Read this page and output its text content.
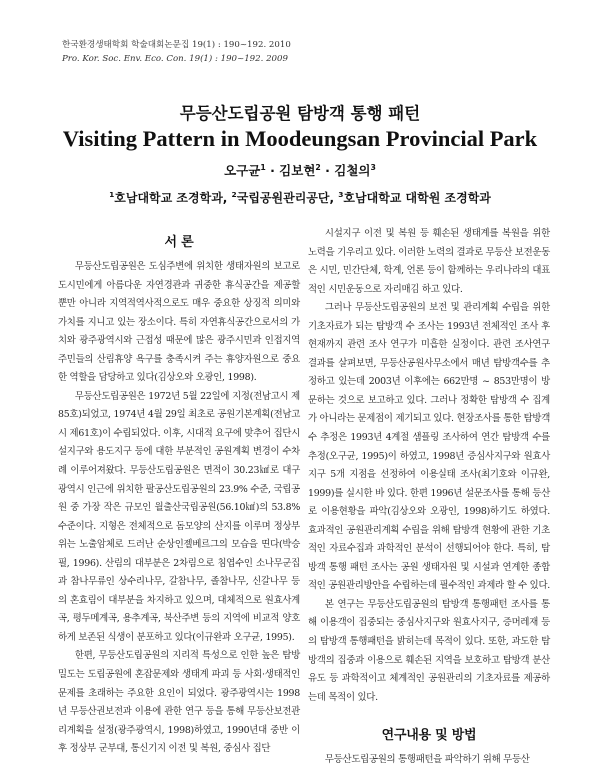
한국환경생태학회 학술대회논문집 19(1) : 190~192. 2010
Pro. Kor. Soc. Env. Eco. Con. 19(1) : 190~192. 2009
무등산도립공원 탐방객 통행 패턴
Visiting Pattern in Moodeungsan Provincial Park
오구균$^1$ · 김보현$^2$ · 김철의$^3$
$^1$호남대학교 조경학과, $^2$국립공원관리공단, $^3$호남대학교 대학원 조경학과
서 론

무등산도립공원은 도심주변에 위치한 생태자원의 보고로 도시민에게 아름다운 자연경관과 귀중한 휴식공간을 제공할 뿐만 아니라 지역적역사적으로도 매우 중요한 상징적 의미와 가치를 지니고 있는 장소이다. 특히 자연휴식공간으로서의 가치와 광주광역시와 근접성 때문에 많은 광주시민과 인접지역 주민들의 산림휴양 욕구를 충족시켜 주는 휴양자원으로 중요한 역할을 담당하고 있다(김상오와 오광인, 1998).

무등산도립공원은 1972년 5월 22일에 지정(전남고시 제85호)되었고, 1974년 4월 29일 최초로 공원기본계획(전남고시 제61호)이 수립되었다. 이후, 시대적 요구에 맞추어 집단시설지구와 용도지구 등에 대한 부분적인 공원계획 변경이 수차례 이루어져왔다. 무등산도립공원은 면적이 30.23㎢로 대구광역시 인근에 위치한 팔공산도립공원의 23.9% 수준, 국립공원 중 가장 작은 규모인 월출산국립공원(56.10㎢)의 53.8% 수준이다. 지형은 전체적으로 돔모양의 산지를 이루며 정상부위는 노출암체로 드러난 순상인젤베르그의 모습을 띤다(박승필, 1996). 산림의 대부분은 2차림으로 침엽수인 소나무군집과 참나무류인 상수리나무, 갈참나무, 졸참나무, 신갈나무 등의 혼효림이 대부분을 차지하고 있으며, 대체적으로 원효사계곡, 평두메계곡, 용추계곡, 북산주변 등의 지역에 비교적 양호하게 보존된 식생이 분포하고 있다(이규완과 오구균, 1995).

한편, 무등산도립공원의 지리적 특성으로 인한 높은 탐방밀도는 도립공원에 혼잡문제와 생태계 파괴 등 사회·생태적인 문제를 초래하는 주요한 요인이 되었다. 광주광역시는 1998년 무등산권보전과 이용에 관한 연구 등을 통해 무등산보전관리계획을 설정(광주광역시, 1998)하였고, 1990년대 중반 이후 정상부 군부대, 통신기지 이전 및 복원, 중심사 집단

시설지구 이전 및 복원 등 훼손된 생태계를 복원을 위한 노력을 기우리고 있다. 이러한 노력의 결과로 무등산 보전운동은 시민, 민간단체, 학계, 언론 등이 함께하는 우리나라의 대표적인 시민운동으로 자리매김 하고 있다.

그러나 무등산도립공원의 보전 및 관리계획 수립을 위한 기초자료가 되는 탐방객 수 조사는 1993년 전체적인 조사 후 현재까지 관련 조사 연구가 미흡한 실정이다. 관련 조사연구 결과를 살펴보면, 무등산공원사무소에서 매년 탐방객수를 추정하고 있는데 2003년 이후에는 662만명 ~ 853만명이 방문하는 것으로 보고하고 있다. 그러나 정확한 탐방객 수 집계가 아니라는 문제점이 제기되고 있다. 현장조사를 통한 탐방객 수 추정은 1993년 4계절 샘플링 조사하여 연간 탐방객 수를 추정(오구균, 1995)이 하였고, 1998년 증심사지구와 원효사지구 5개 지점을 선정하여 이용실태 조사(최기호와 이규완, 1999)를 실시한 바 있다. 한편 1996년 설문조사를 통해 등산로 이용현황을 파악(김상오와 오광인, 1998)하기도 하였다. 효과적인 공원관리계획 수립을 위해 탐방객 현황에 관한 기초적인 자료수집과 과학적인 분석이 선행되어야 한다. 특히, 탐방객 통행 패턴 조사는 공원 생태자원 및 시설과 연계한 종합적인 공원관리방안을 수립하는데 필수적인 과제라 할 수 있다.

본 연구는 무등산도립공원의 탐방객 통행패턴 조사를 통해 이용객이 집중되는 중심사지구와 원효사지구, 증머레재 등의 탐방객 통행패턴을 밝히는데 목적이 있다. 또한, 과도한 탐방객의 집중과 이용으로 훼손된 지역을 보호하고 탐방객 분산 유도 등 과학적이고 체계적인 공원관리의 기초자료를 제공하는데 목적이 있다.

연구내용 및 방법

무등산도립공원의 통행패턴을 파악하기 위해 무등산
